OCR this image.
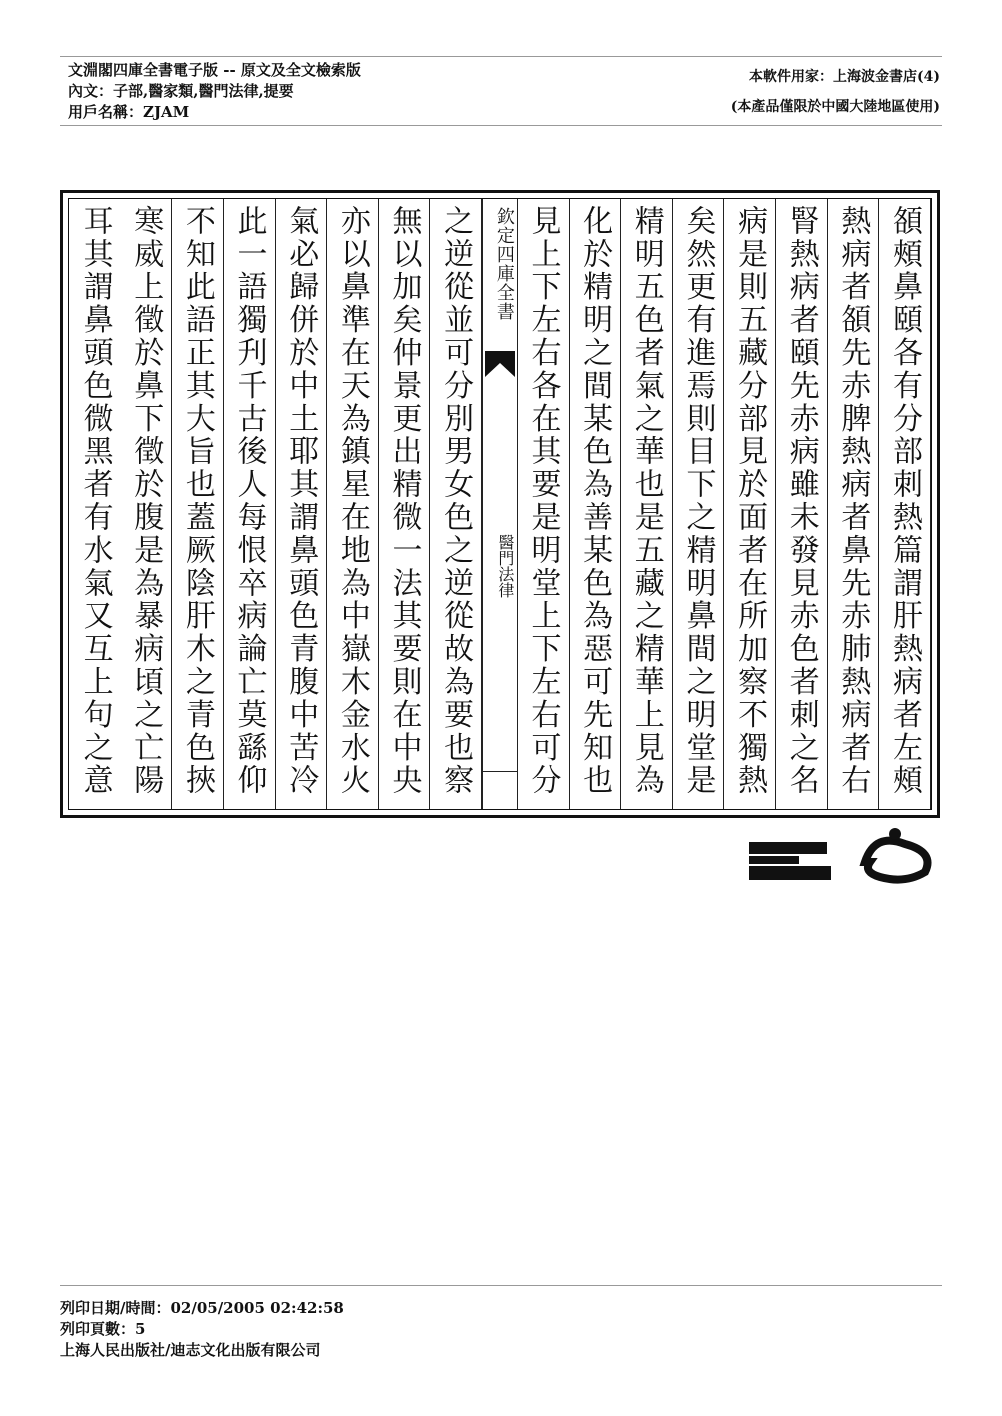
文淵閣四庫全書電子版 -- 原文及全文檢索版
內文：子部,醫家類,醫門法律,提要
用戶名稱：ZJAM
本軟件用家：上海波金書店(4)
(本產品僅限於中國大陸地區使用)
頟頰鼻頤各有分部刺熱篇謂肝熱病者左頰
熱病者頟先赤脾熱病者鼻先赤肺熱病者右
腎熱病者頤先赤病雖未發見赤色者刺之名
病是則五藏分部見於面者在所加察不獨熱
矣然更有進焉則目下之精明鼻間之明堂是
精明五色者氣之華也是五藏之精華上見為
化於精明之間某色為善某色為惡可先知也
見上下左右各在其要是明堂上下左右可分
欽定四庫全書
醫門法律
之逆從並可分別男女色之逆從故為要也察
無以加矣仲景更出精微一法其要則在中央
亦以鼻準在天為鎮星在地為中嶽木金水火
氣必歸併於中土耶其謂鼻頭色青腹中苦冷
此一語獨刋千古後人每恨卒病論亡莫繇仰
不知此語正其大旨也蓋厥陰肝木之青色挾
寒威上徵於鼻下徵於腹是為暴病頃之亡陽
耳其謂鼻頭色微黑者有水氣又互上句之意
列印日期/時間：02/05/2005 02:42:58
列印頁數：5
上海人民出版社/迪志文化出版有限公司
